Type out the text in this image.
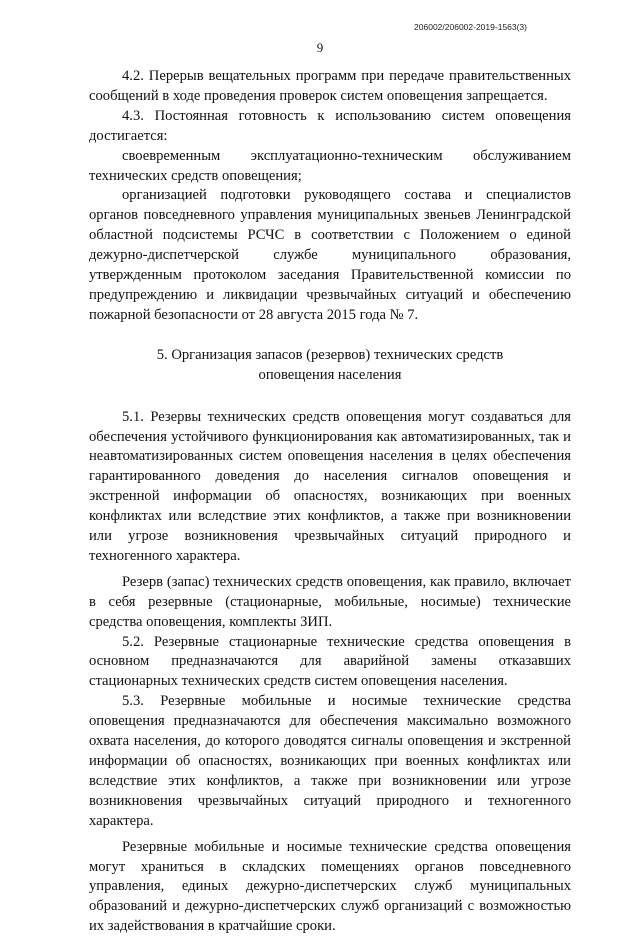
206002/206002-2019-1563(3)
9

4.2. Перерыв вещательных программ при передаче правительственных сообщений в ходе проведения проверок систем оповещения запрещается.

4.3. Постоянная готовность к использованию систем оповещения достигается:

своевременным эксплуатационно-техническим обслуживанием технических средств оповещения;

организацией подготовки руководящего состава и специалистов органов повседневного управления муниципальных звеньев Ленинградской областной подсистемы РСЧС в соответствии с Положением о единой дежурно-диспетчерской службе муниципального образования, утвержденным протоколом заседания Правительственной комиссии по предупреждению и ликвидации чрезвычайных ситуаций и обеспечению пожарной безопасности от 28 августа 2015 года № 7.

5. Организация запасов (резервов) технических средств
оповещения населения

5.1. Резервы технических средств оповещения могут создаваться для обеспечения устойчивого функционирования как автоматизированных, так и неавтоматизированных систем оповещения населения в целях обеспечения гарантированного доведения до населения сигналов оповещения и экстренной информации об опасностях, возникающих при военных конфликтах или вследствие этих конфликтов, а также при возникновении или угрозе возникновения чрезвычайных ситуаций природного и техногенного характера.

Резерв (запас) технических средств оповещения, как правило, включает в себя резервные (стационарные, мобильные, носимые) технические средства оповещения, комплекты ЗИП.

5.2. Резервные стационарные технические средства оповещения в основном предназначаются для аварийной замены отказавших стационарных технических средств систем оповещения населения.

5.3. Резервные мобильные и носимые технические средства оповещения предназначаются для обеспечения максимально возможного охвата населения, до которого доводятся сигналы оповещения и экстренной информации об опасностях, возникающих при военных конфликтах или вследствие этих конфликтов, а также при возникновении или угрозе возникновения чрезвычайных ситуаций природного и техногенного характера.

Резервные мобильные и носимые технические средства оповещения могут храниться в складских помещениях органов повседневного управления, единых дежурно-диспетчерских служб муниципальных образований и дежурно-диспетчерских служб организаций с возможностью их задействования в кратчайшие сроки.
